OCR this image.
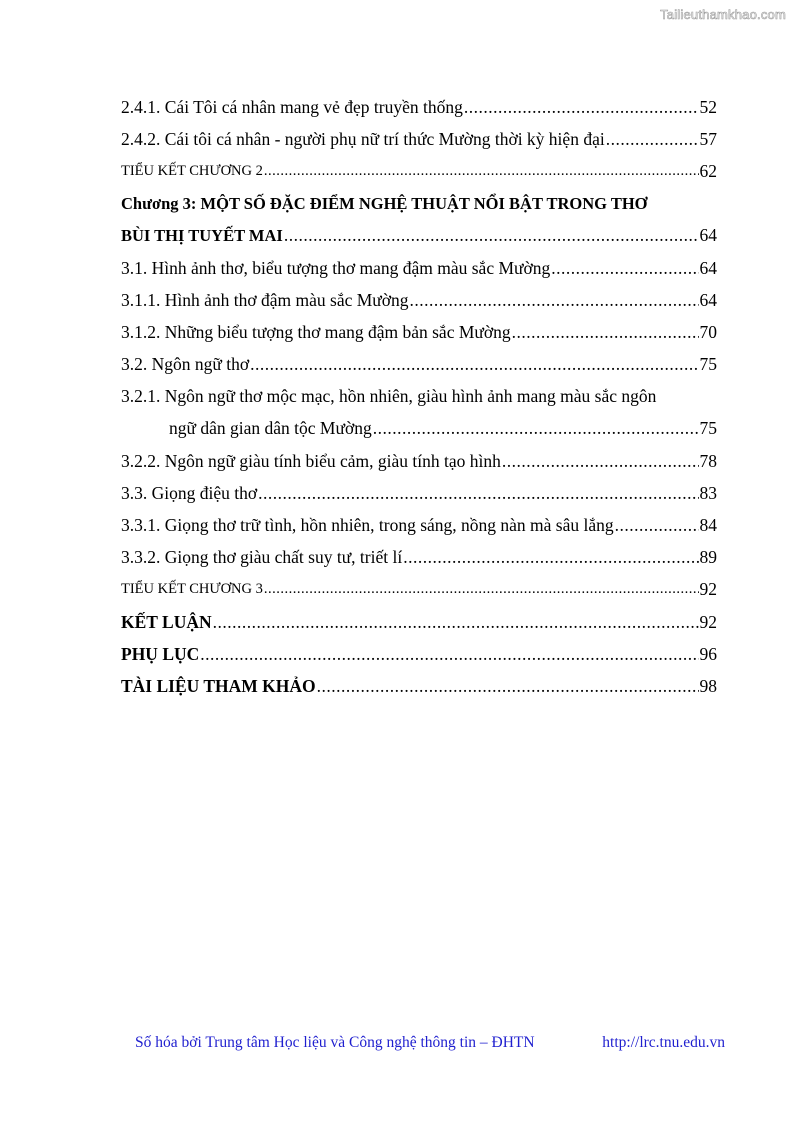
Tailieuthamkhao.com
2.4.1. Cái Tôi cá nhân mang vẻ đẹp truyền thống .....	52
2.4.2. Cái tôi cá nhân - người phụ nữ trí thức Mường thời kỳ hiện đại .....	57
TIỂU KẾT CHƯƠNG 2 .....	62
Chương 3: MỘT SỐ ĐẶC ĐIỂM NGHỆ THUẬT NỔI BẬT TRONG THƠ
BÙI THỊ TUYẾT MAI .....	64
3.1. Hình ảnh thơ, biểu tượng thơ mang đậm màu sắc Mường .....	64
3.1.1. Hình ảnh thơ đậm màu sắc Mường .....	64
3.1.2. Những biểu tượng thơ mang đậm bản sắc Mường .....	70
3.2. Ngôn ngữ thơ .....	75
3.2.1. Ngôn ngữ thơ mộc mạc, hồn nhiên, giàu hình ảnh mang màu sắc ngôn
ngữ dân gian dân tộc Mường .....	75
3.2.2. Ngôn ngữ giàu tính biểu cảm, giàu tính tạo hình .....	78
3.3. Giọng điệu thơ .....	83
3.3.1. Giọng thơ trữ tình, hồn nhiên, trong sáng, nồng nàn mà sâu lắng .....	84
3.3.2. Giọng thơ giàu chất suy tư, triết lí .....	89
TIỂU KẾT CHƯƠNG 3 .....	92
KẾT LUẬN .....	92
PHỤ LỤC .....	96
TÀI LIỆU THAM KHẢO .....	98
Số hóa bởi Trung tâm Học liệu và Công nghệ thông tin – ĐHTN	http://lrc.tnu.edu.vn
